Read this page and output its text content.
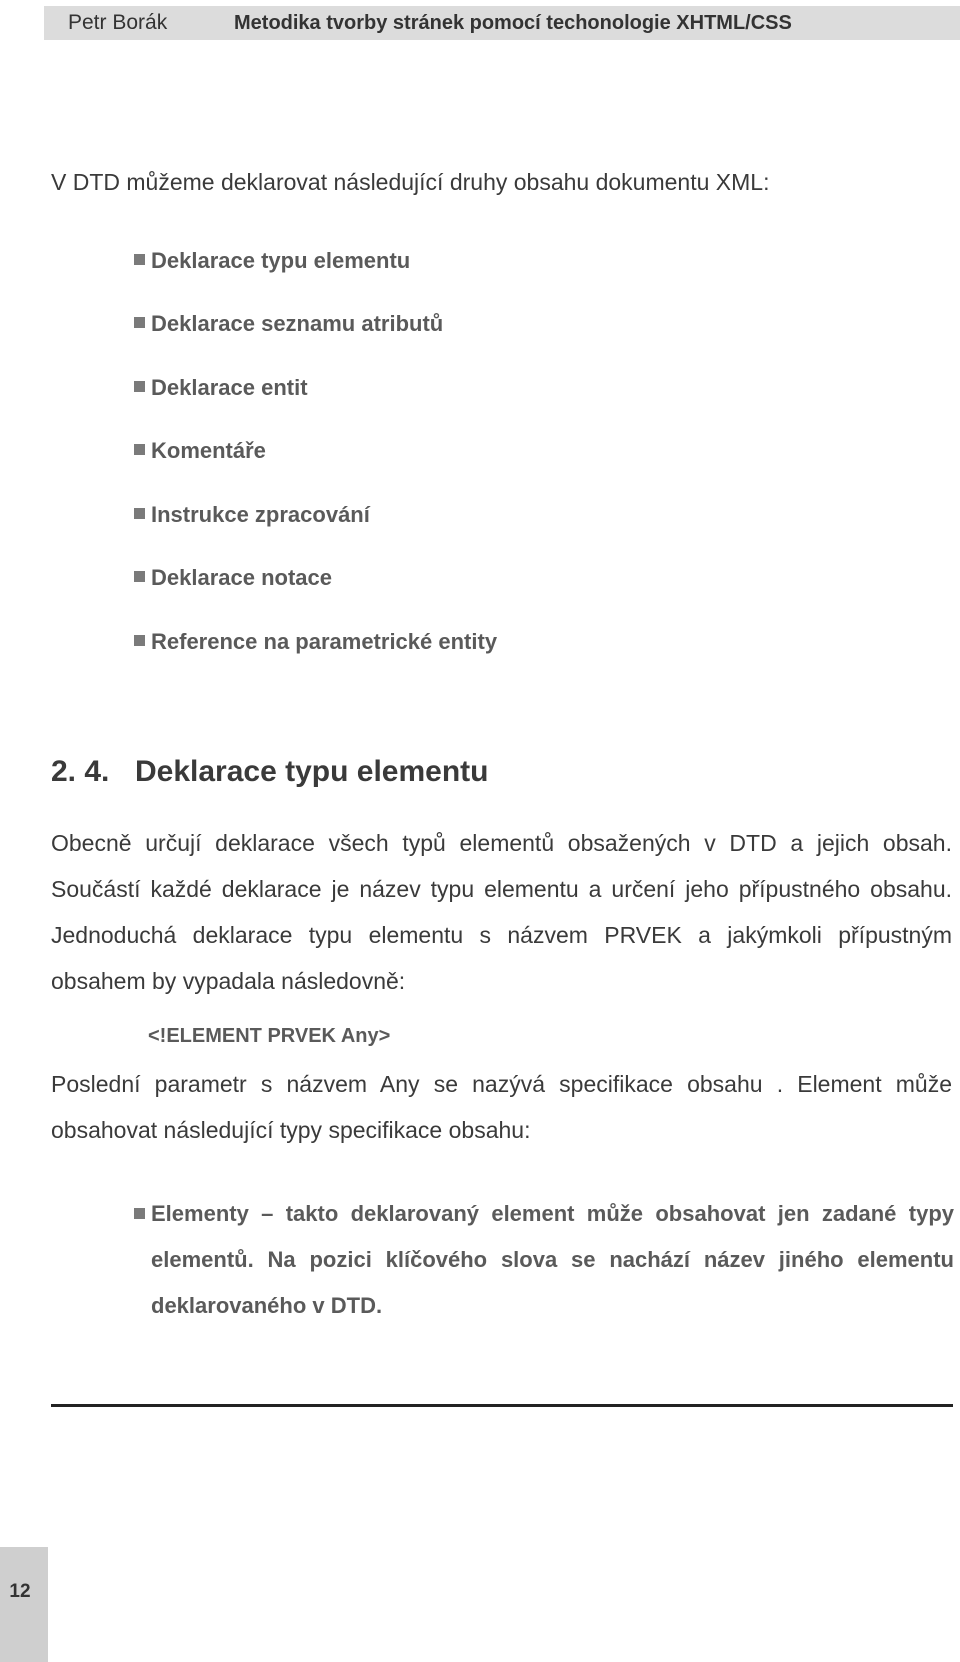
Petr Borák	Metodika tvorby stránek pomocí techonologie XHTML/CSS
V DTD můžeme deklarovat následující druhy obsahu dokumentu XML:
Deklarace typu elementu
Deklarace seznamu atributů
Deklarace entit
Komentáře
Instrukce zpracování
Deklarace notace
Reference na parametrické entity
2. 4. Deklarace typu elementu
Obecně určují deklarace všech typů elementů obsažených v DTD a jejich obsah. Součástí každé deklarace je název typu elementu a určení jeho přípustného obsahu. Jednoduchá deklarace typu elementu s názvem PRVEK a jakýmkoli přípustným obsahem by vypadala následovně:
<!ELEMENT PRVEK Any>
Poslední parametr s názvem Any se nazývá specifikace obsahu . Element může obsahovat následující typy specifikace obsahu:
Elementy – takto deklarovaný element může obsahovat jen zadané typy elementů. Na pozici klíčového slova se nachází název jiného elementu deklarovaného v DTD.
12
